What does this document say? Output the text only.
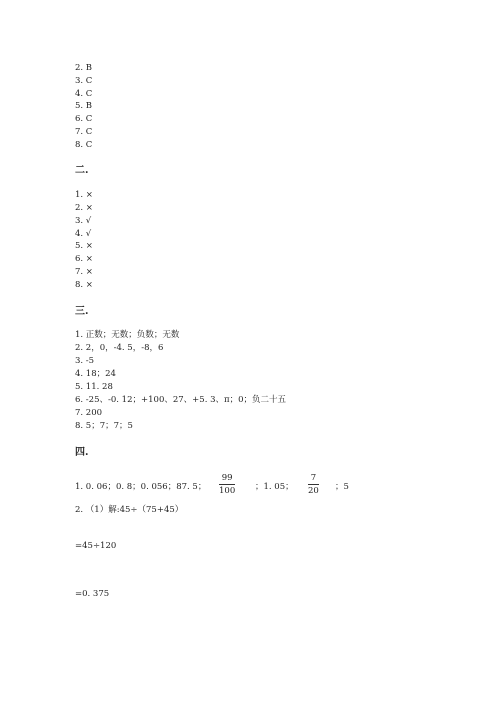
2. B
3. C
4. C
5. B
6. C
7. C
8. C
二.
1. ×
2. ×
3. √
4. √
5. ×
6. ×
7. ×
8. ×
三.
1. 正数；无数；负数；无数
2. 2，0，-4. 5，-8，6
3. -5
4. 18；24
5. 11. 28
6. -25、-0. 12；+100、27、+5. 3、π；0；负二十五
7. 200
8. 5；7；7；5
四.
1. 0. 06；0. 8；0. 056；87. 5；
99
100 ；1. 05；
7
20 ；5
2. （1）解:45÷（75+45）
=45÷120
=0. 375
